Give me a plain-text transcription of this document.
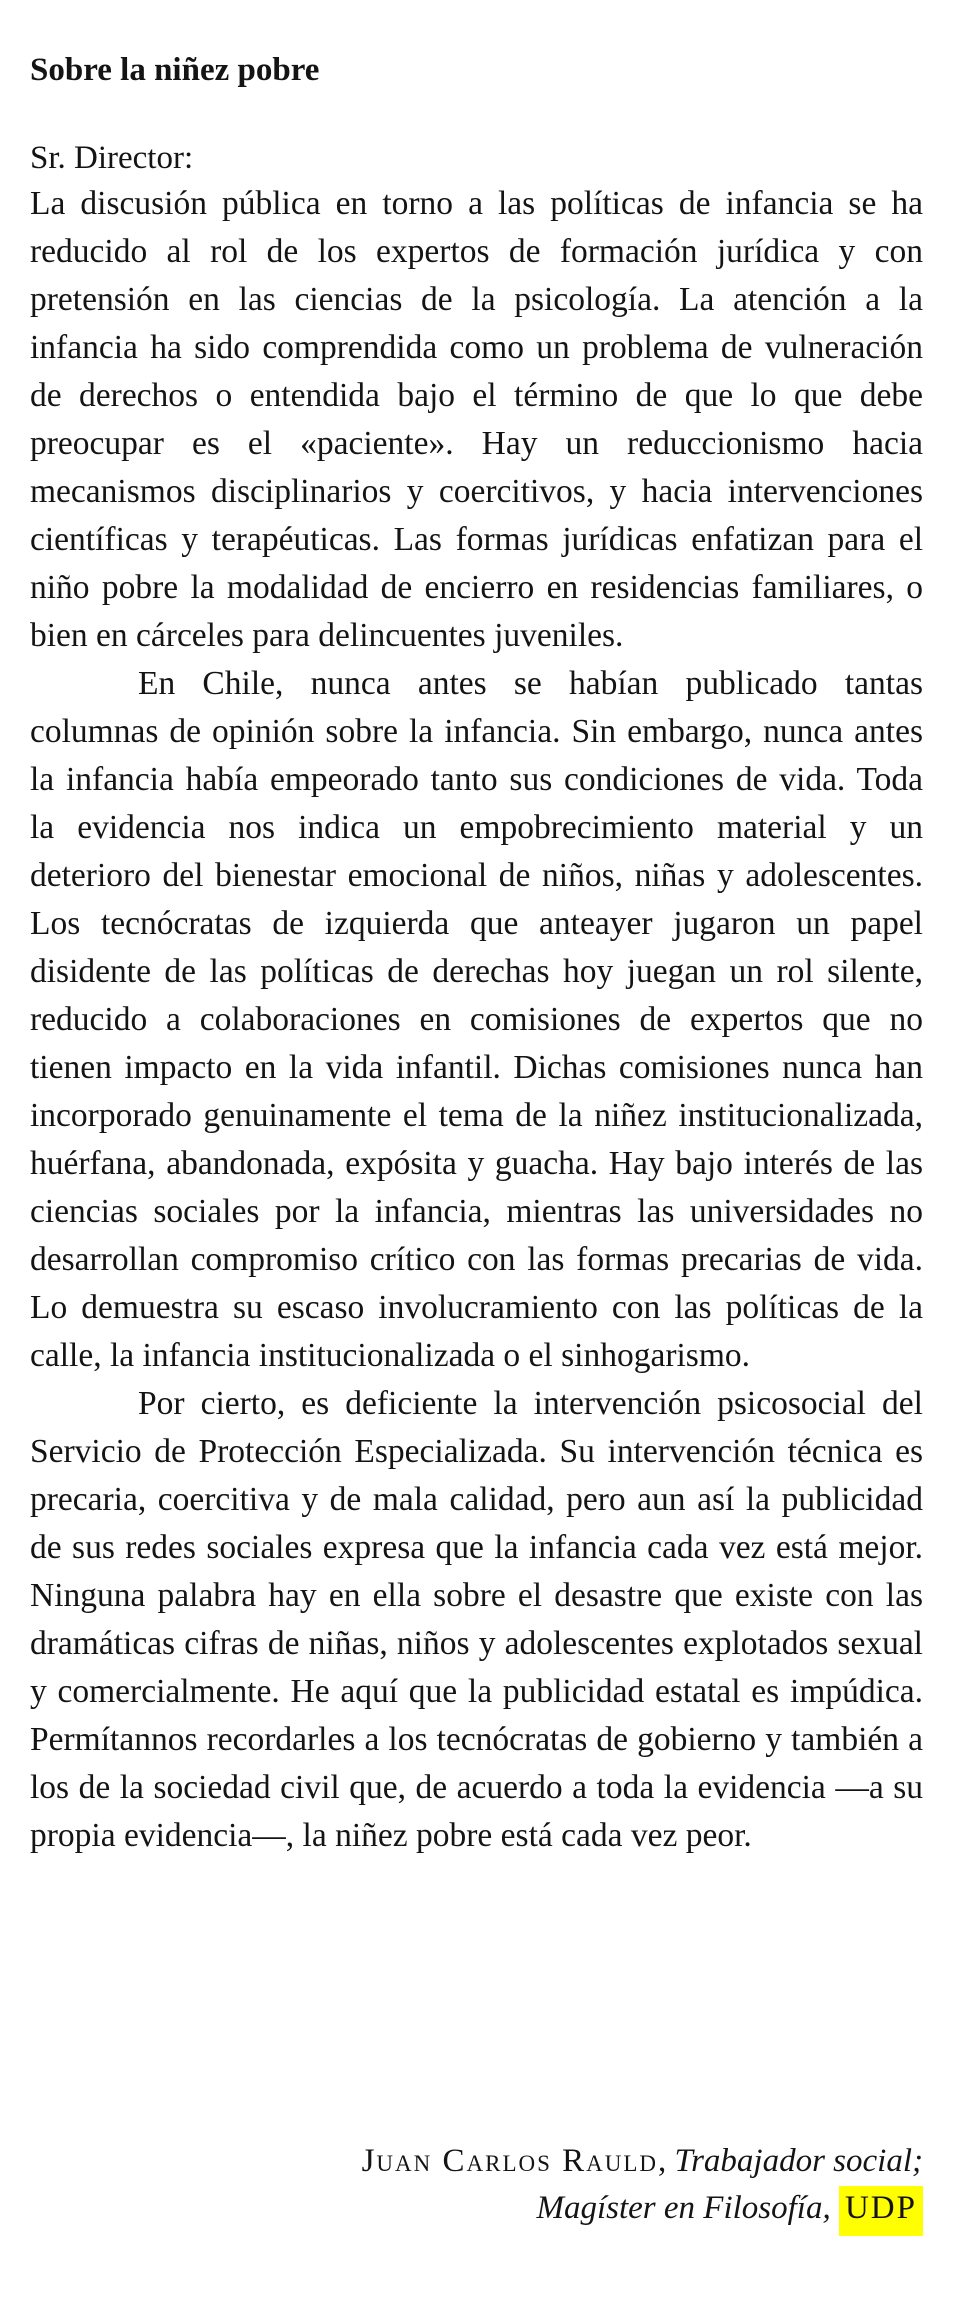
Sobre la niñez pobre
Sr. Director:

La discusión pública en torno a las políticas de infancia se ha reducido al rol de los expertos de formación jurídica y con pretensión en las ciencias de la psicología. La atención a la infancia ha sido comprendida como un problema de vulneración de derechos o entendida bajo el término de que lo que debe preocupar es el «paciente». Hay un reduccionismo hacia mecanismos disciplinarios y coercitivos, y hacia intervenciones científicas y terapéuticas. Las formas jurídicas enfatizan para el niño pobre la modalidad de encierro en residencias familiares, o bien en cárceles para delincuentes juveniles.

En Chile, nunca antes se habían publicado tantas columnas de opinión sobre la infancia. Sin embargo, nunca antes la infancia había empeorado tanto sus condiciones de vida. Toda la evidencia nos indica un empobrecimiento material y un deterioro del bienestar emocional de niños, niñas y adolescentes. Los tecnócratas de izquierda que anteayer jugaron un papel disidente de las políticas de derechas hoy juegan un rol silente, reducido a colaboraciones en comisiones de expertos que no tienen impacto en la vida infantil. Dichas comisiones nunca han incorporado genuinamente el tema de la niñez institucionalizada, huérfana, abandonada, expósita y guacha. Hay bajo interés de las ciencias sociales por la infancia, mientras las universidades no desarrollan compromiso crítico con las formas precarias de vida. Lo demuestra su escaso involucramiento con las políticas de la calle, la infancia institucionalizada o el sinhogarismo.

Por cierto, es deficiente la intervención psicosocial del Servicio de Protección Especializada. Su intervención técnica es precaria, coercitiva y de mala calidad, pero aun así la publicidad de sus redes sociales expresa que la infancia cada vez está mejor. Ninguna palabra hay en ella sobre el desastre que existe con las dramáticas cifras de niñas, niños y adolescentes explotados sexual y comercialmente. He aquí que la publicidad estatal es impúdica. Permítannos recordarles a los tecnócratas de gobierno y también a los de la sociedad civil que, de acuerdo a toda la evidencia —a su propia evidencia—, la niñez pobre está cada vez peor.

Juan Carlos Rauld, Trabajador social;
Magíster en Filosofía, UDP
